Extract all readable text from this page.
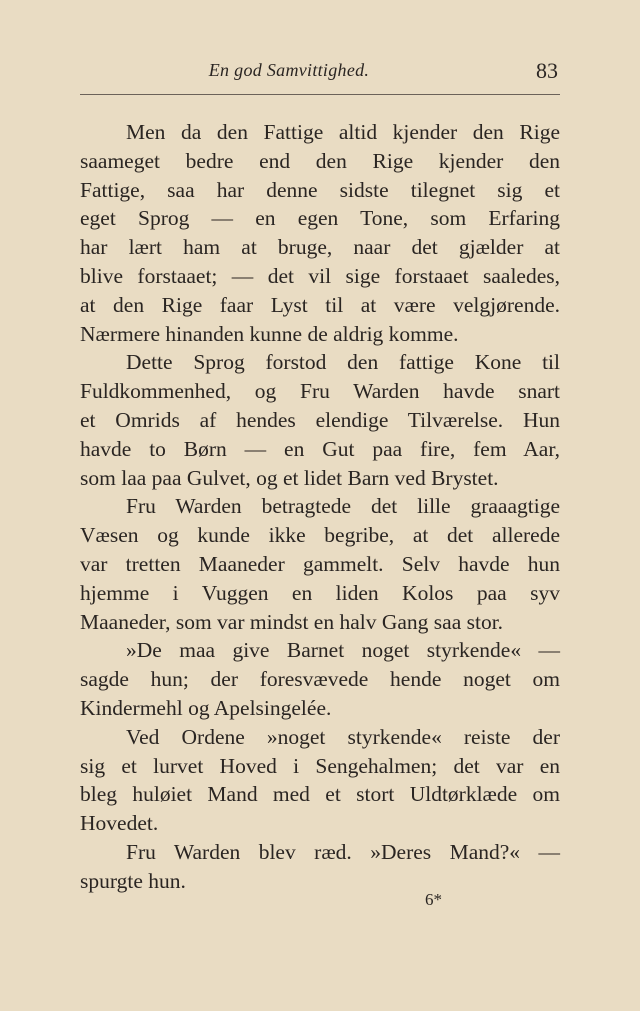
En god Samvittighed.	83
Men da den Fattige altid kjender den Rige
saameget bedre end den Rige kjender den
Fattige, saa har denne sidste tilegnet sig et
eget Sprog — en egen Tone, som Erfaring
har lært ham at bruge, naar det gjælder at
blive forstaaet; — det vil sige forstaaet saaledes,
at den Rige faar Lyst til at være velgjørende.
Nærmere hinanden kunne de aldrig komme.
Dette Sprog forstod den fattige Kone til
Fuldkommenhed, og Fru Warden havde snart
et Omrids af hendes elendige Tilværelse. Hun
havde to Børn — en Gut paa fire, fem Aar,
som laa paa Gulvet, og et lidet Barn ved Brystet.
Fru Warden betragtede det lille graaagtige
Væsen og kunde ikke begribe, at det allerede
var tretten Maaneder gammelt. Selv havde hun
hjemme i Vuggen en liden Kolos paa syv
Maaneder, som var mindst en halv Gang saa stor.
»De maa give Barnet noget styrkende« —
sagde hun; der foresvævede hende noget om
Kindermehl og Apelsingelée.
Ved Ordene »noget styrkende« reiste der
sig et lurvet Hoved i Sengehalmen; det var en
bleg huløiet Mand med et stort Uldtørklæde om
Hovedet.
Fru Warden blev ræd. »Deres Mand?« —
spurgte hun.
6*
